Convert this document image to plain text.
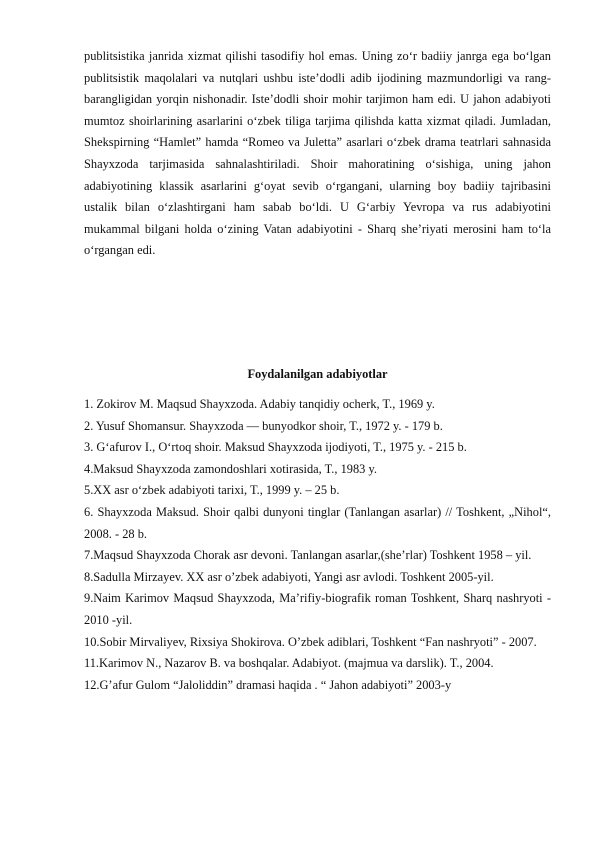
publitsistika janrida xizmat qilishi tasodifiy hol emas. Uning zo‘r badiiy janrga ega bo‘lgan publitsistik maqolalari va nutqlari ushbu iste’dodli adib ijodining mazmundorligi va rang-barangligidan yorqin nishonadir. Iste’dodli shoir mohir tarjimon ham edi. U jahon adabiyoti mumtoz shoirlarining asarlarini o‘zbek tiliga tarjima qilishda katta xizmat qiladi. Jumladan, Shekspirning “Hamlet” hamda “Romeo va Juletta” asarlari o‘zbek drama teatrlari sahnasida Shayxzoda tarjimasida sahnalashtiriladi. Shoir mahoratining o‘sishiga, uning jahon adabiyotining klassik asarlarini g‘oyat sevib o‘rgangani, ularning boy badiiy tajribasini ustalik bilan o‘zlashtirgani ham sabab bo‘ldi. U G‘arbiy Yevropa va rus adabiyotini mukammal bilgani holda o‘zining Vatan adabiyotini - Sharq she’riyati merosini ham to‘la o‘rgangan edi.

Foydalanilgan adabiyotlar
1. Zokirov M. Maqsud Shayxzoda. Adabiy tanqidiy ocherk, T., 1969 y.
2. Yusuf Shomansur. Shayxzoda — bunyodkor shoir, T., 1972 y. - 179 b.
3. G‘afurov I., O‘rtoq shoir. Maksud Shayxzoda ijodiyoti, T., 1975 y. - 215 b.
4.Maksud Shayxzoda zamondoshlari xotirasida, T., 1983 y.
5.XX asr o‘zbek adabiyoti tarixi, T., 1999 y. – 25 b.
6. Shayxzoda Maksud. Shoir qalbi dunyoni tinglar (Tanlangan asarlar) // Toshkent, „Nihol“, 2008. - 28 b.
7.Maqsud Shayxzoda Chorak asr devoni. Tanlangan asarlar,(she’rlar) Toshkent 1958 – yil.
8.Sadulla Mirzayev. XX asr o’zbek adabiyoti, Yangi asr avlodi. Toshkent 2005-yil.
9.Naim Karimov Maqsud Shayxzoda, Ma’rifiy-biografik roman Toshkent, Sharq nashryoti - 2010 -yil.
10.Sobir Mirvaliyev, Rixsiya Shokirova. O’zbek adiblari, Toshkent “Fan nashryoti” - 2007.
11.Karimov N., Nazarov B. va boshqalar. Adabiyot. (majmua va darslik). T., 2004.
12.G’afur Gulom “Jaloliddin” dramasi haqida . “ Jahon adabiyoti” 2003-y
